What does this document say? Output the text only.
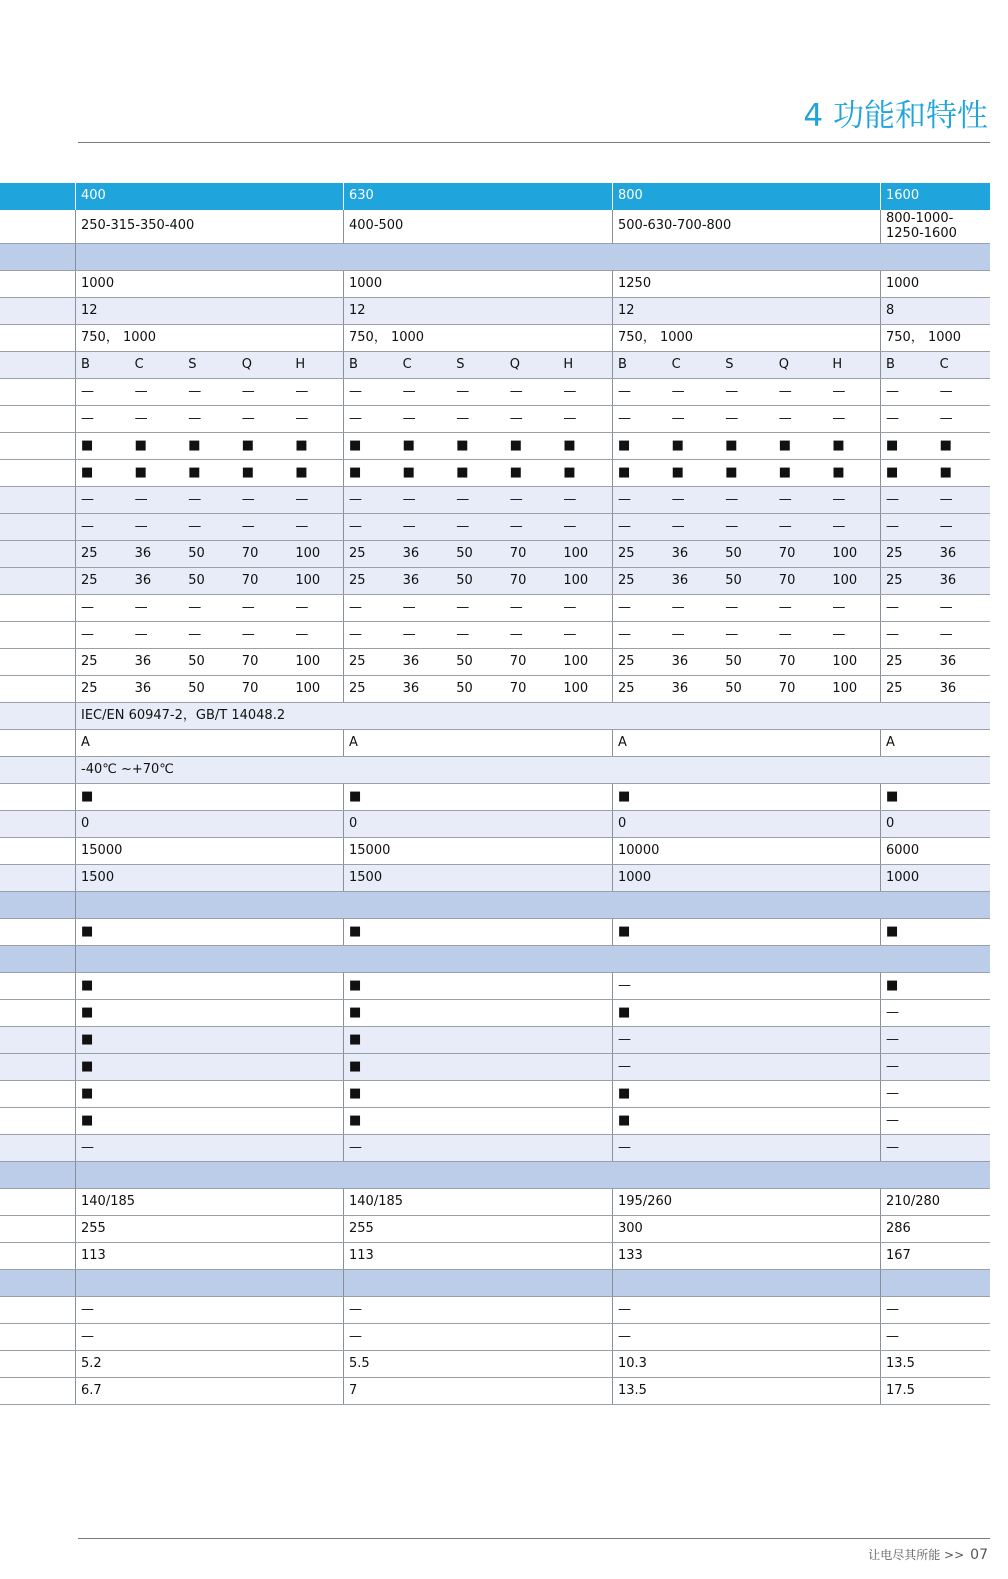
4 功能和特性
400	630	800	1600
250-315-350-400	400-500	500-630-700-800	800-1000-
1250-1600
1000	1000	1250	1000
12	12	12	8
750， 1000	750， 1000	750， 1000	750， 1000
B	C	S	Q	H	B	C	S	Q	H	B	C	S	Q	H	B	C
—	—	—	—	—	—	—	—	—	—	—	—	—	—	—	—	—
—	—	—	—	—	—	—	—	—	—	—	—	—	—	—	—	—
■	■	■	■	■	■	■	■	■	■	■	■	■	■	■	■	■
■	■	■	■	■	■	■	■	■	■	■	■	■	■	■	■	■
—	—	—	—	—	—	—	—	—	—	—	—	—	—	—	—	—
—	—	—	—	—	—	—	—	—	—	—	—	—	—	—	—	—
25	36	50	70	100	25	36	50	70	100	25	36	50	70	100	25	36
25	36	50	70	100	25	36	50	70	100	25	36	50	70	100	25	36
—	—	—	—	—	—	—	—	—	—	—	—	—	—	—	—	—
—	—	—	—	—	—	—	—	—	—	—	—	—	—	—	—	—
25	36	50	70	100	25	36	50	70	100	25	36	50	70	100	25	36
25	36	50	70	100	25	36	50	70	100	25	36	50	70	100	25	36
IEC/EN 60947-2，GB/T 14048.2
A	A	A	A
-40℃ ~+70℃
■	■	■	■
0	0	0	0
15000	15000	10000	6000
1500	1500	1000	1000
■	■	■	■
■	■	—	■
■	■	■	—
■	■	—	—
■	■	—	—
■	■	■	—
■	■	■	—
—	—	—	—
140/185	140/185	195/260	210/280
255	255	300	286
113	113	133	167
—	—	—	—
—	—	—	—
5.2	5.5	10.3	13.5
6.7	7	13.5	17.5
让电尽其所能 >> 07
